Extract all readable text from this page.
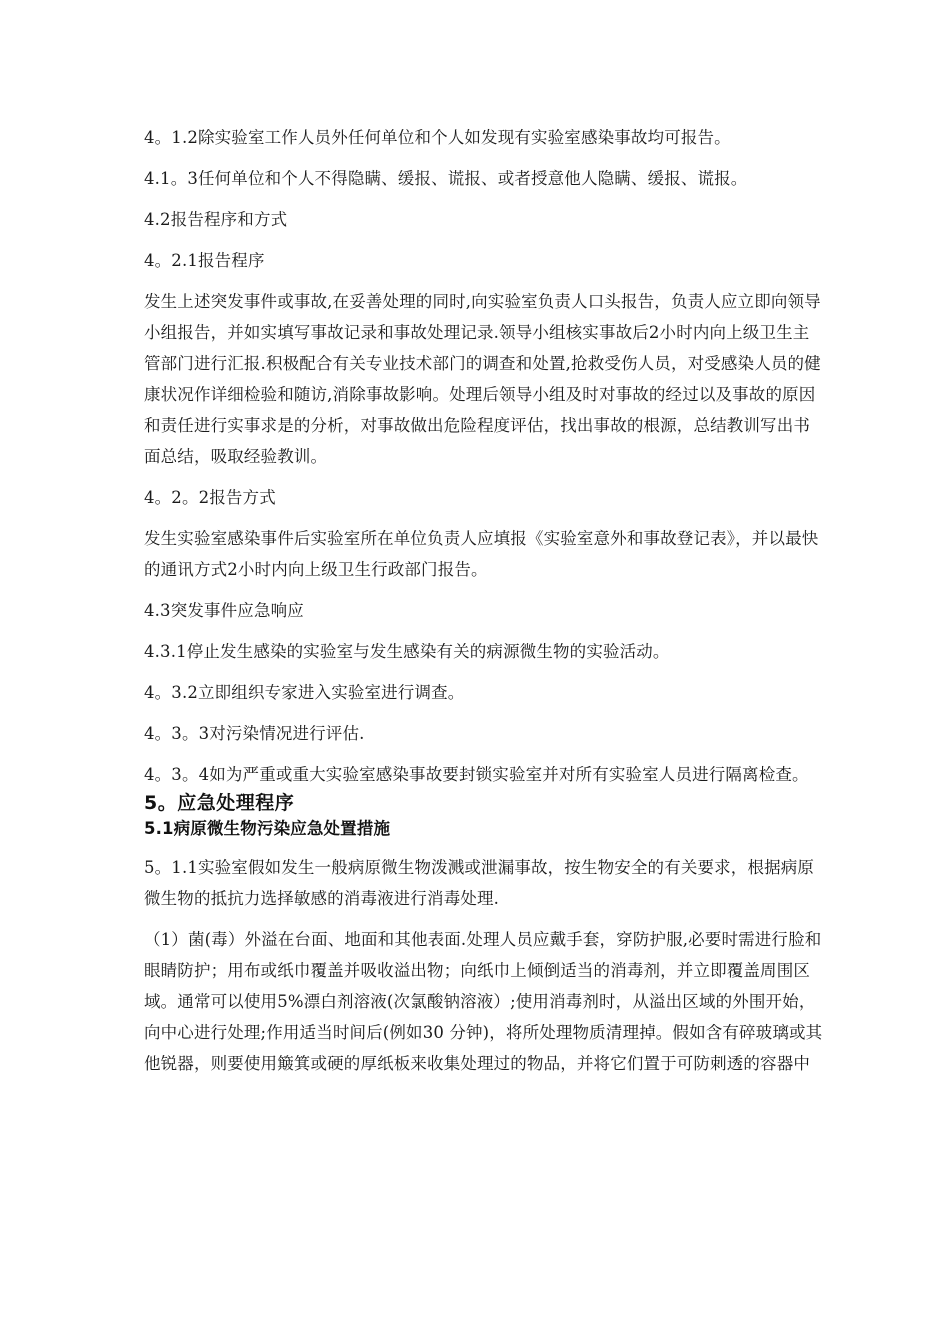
4。1.2除实验室工作人员外任何单位和个人如发现有实验室感染事故均可报告。

4.1。3任何单位和个人不得隐瞒、缓报、谎报、或者授意他人隐瞒、缓报、谎报。

4.2报告程序和方式

4。2.1报告程序

发生上述突发事件或事故,在妥善处理的同时,向实验室负责人口头报告，负责人应立即向领导小组报告，并如实填写事故记录和事故处理记录.领导小组核实事故后2小时内向上级卫生主管部门进行汇报.积极配合有关专业技术部门的调查和处置,抢救受伤人员，对受感染人员的健康状况作详细检验和随访,消除事故影响。处理后领导小组及时对事故的经过以及事故的原因和责任进行实事求是的分析，对事故做出危险程度评估，找出事故的根源，总结教训写出书面总结，吸取经验教训。

4。2。2报告方式

发生实验室感染事件后实验室所在单位负责人应填报《实验室意外和事故登记表》，并以最快的通讯方式2小时内向上级卫生行政部门报告。

4.3突发事件应急响应

4.3.1停止发生感染的实验室与发生感染有关的病源微生物的实验活动。

4。3.2立即组织专家进入实验室进行调查。

4。3。3对污染情况进行评估.

4。3。4如为严重或重大实验室感染事故要封锁实验室并对所有实验室人员进行隔离检查。

5。应急处理程序

5.1病原微生物污染应急处置措施

5。1.1实验室假如发生一般病原微生物泼溅或泄漏事故，按生物安全的有关要求，根据病原微生物的抵抗力选择敏感的消毒液进行消毒处理.

（1）菌(毒）外溢在台面、地面和其他表面.处理人员应戴手套，穿防护服,必要时需进行脸和眼睛防护；用布或纸巾覆盖并吸收溢出物；向纸巾上倾倒适当的消毒剂，并立即覆盖周围区域。通常可以使用5%漂白剂溶液(次氯酸钠溶液）;使用消毒剂时，从溢出区域的外围开始，向中心进行处理;作用适当时间后(例如30 分钟)，将所处理物质清理掉。假如含有碎玻璃或其他锐器，则要使用簸箕或硬的厚纸板来收集处理过的物品，并将它们置于可防刺透的容器中
